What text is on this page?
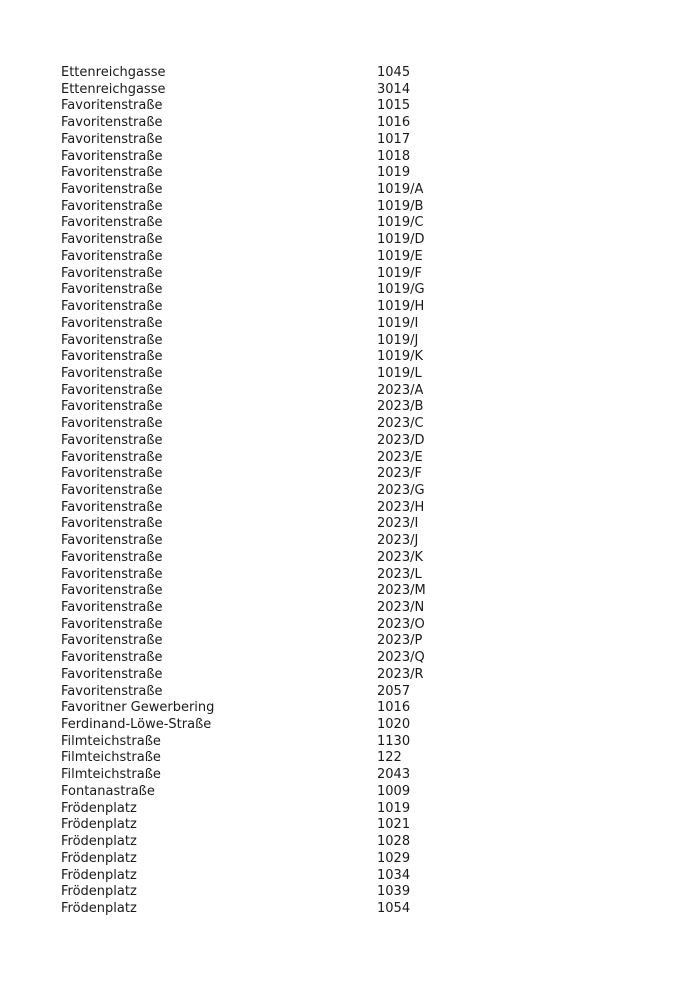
Ettenreichgasse	1045
Ettenreichgasse	3014
Favoritenstraße	1015
Favoritenstraße	1016
Favoritenstraße	1017
Favoritenstraße	1018
Favoritenstraße	1019
Favoritenstraße	1019/A
Favoritenstraße	1019/B
Favoritenstraße	1019/C
Favoritenstraße	1019/D
Favoritenstraße	1019/E
Favoritenstraße	1019/F
Favoritenstraße	1019/G
Favoritenstraße	1019/H
Favoritenstraße	1019/I
Favoritenstraße	1019/J
Favoritenstraße	1019/K
Favoritenstraße	1019/L
Favoritenstraße	2023/A
Favoritenstraße	2023/B
Favoritenstraße	2023/C
Favoritenstraße	2023/D
Favoritenstraße	2023/E
Favoritenstraße	2023/F
Favoritenstraße	2023/G
Favoritenstraße	2023/H
Favoritenstraße	2023/I
Favoritenstraße	2023/J
Favoritenstraße	2023/K
Favoritenstraße	2023/L
Favoritenstraße	2023/M
Favoritenstraße	2023/N
Favoritenstraße	2023/O
Favoritenstraße	2023/P
Favoritenstraße	2023/Q
Favoritenstraße	2023/R
Favoritenstraße	2057
Favoritner Gewerbering	1016
Ferdinand-Löwe-Straße	1020
Filmteichstraße	1130
Filmteichstraße	122
Filmteichstraße	2043
Fontanastraße	1009
Frödenplatz	1019
Frödenplatz	1021
Frödenplatz	1028
Frödenplatz	1029
Frödenplatz	1034
Frödenplatz	1039
Frödenplatz	1054
